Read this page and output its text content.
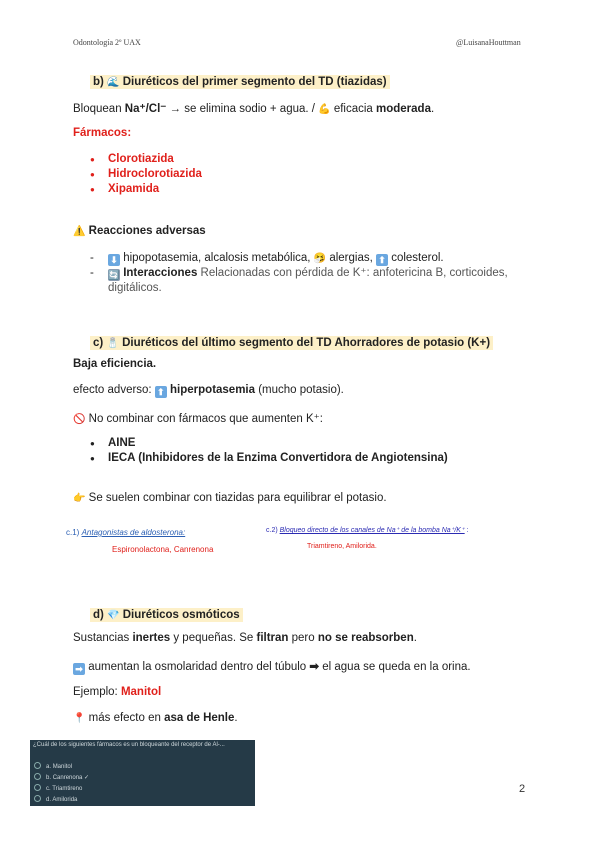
Odontología 2º UAX	@LuisanaHouttman
b) 🌊 Diuréticos del primer segmento del TD (tiazidas)
Bloquean Na⁺/Cl⁻ → se elimina sodio + agua. / 💪 eficacia moderada.
Fármacos:
● Clorotiazida
● Hidroclorotiazida
● Xipamida
⚠️ Reacciones adversas
- ⬇ hipopotasemia, alcalosis metabólica, 🤧 alergias, ⬆ colesterol.
- 🔄 Interacciones Relacionadas con pérdida de K⁺: anfotericina B, corticoides,
digitálicos.
c) 🧂 Diuréticos del último segmento del TD Ahorradores de potasio (K+)
Baja eficiencia.
efecto adverso: ⬆ hiperpotasemia (mucho potasio).
🚫 No combinar con fármacos que aumenten K⁺:
● AINE
● IECA (Inhibidores de la Enzima Convertidora de Angiotensina)
👉 Se suelen combinar con tiazidas para equilibrar el potasio.
c.1) Antagonistas de aldosterona:
Espironolactona, Canrenona
c.2) Bloqueo directo de los canales de Na⁺ de la bomba Na⁺/K⁺ :
Triamtireno, Amilorida.
d) 💎 Diuréticos osmóticos
Sustancias inertes y pequeñas. Se filtran pero no se reabsorben.
➡ aumentan la osmolaridad dentro del túbulo ➡ el agua se queda en la orina.
Ejemplo: Manitol
📍 más efecto en asa de Henle.
¿Cuál de los siguientes fármacos es un bloqueante del receptor de Al-...
a. Manitol
b. Canrenona ✓
c. Triamtireno
d. Amilorida
2
